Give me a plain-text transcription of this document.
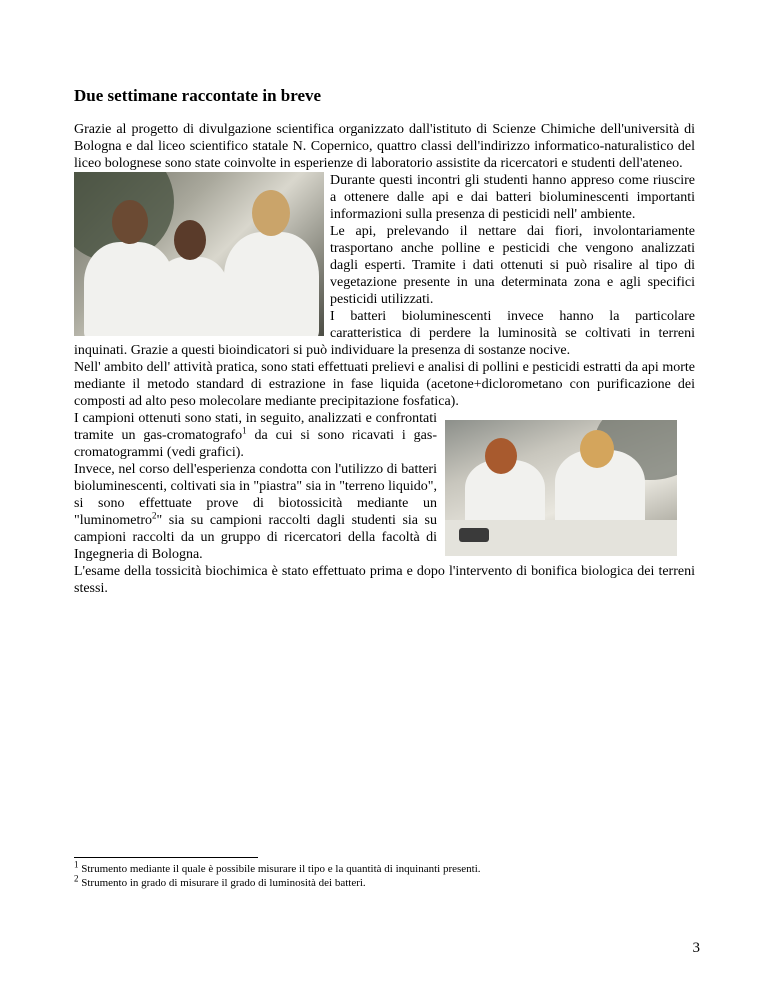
Due settimane raccontate in breve

Grazie al progetto di divulgazione scientifica organizzato dall'istituto di Scienze Chimiche dell'università di Bologna e dal liceo scientifico statale N. Copernico, quattro classi dell'indirizzo informatico-naturalistico del liceo bolognese sono state coinvolte in esperienze di laboratorio assistite da ricercatori e studenti dell'ateneo.

Durante questi incontri gli studenti hanno appreso come riuscire a ottenere dalle api e dai batteri bioluminescenti importanti informazioni sulla presenza di pesticidi nell' ambiente.

Le api, prelevando il nettare dai fiori, involontariamente trasportano anche polline e pesticidi che vengono analizzati dagli esperti. Tramite i dati ottenuti si può risalire al tipo di vegetazione presente in una determinata zona e agli specifici pesticidi utilizzati.

I batteri bioluminescenti invece hanno la particolare caratteristica di perdere la luminosità se coltivati in terreni inquinati. Grazie a questi bioindicatori si può individuare la presenza di sostanze nocive.

Nell' ambito dell' attività pratica, sono stati effettuati prelievi e analisi di pollini e pesticidi estratti da api morte mediante il metodo standard di estrazione in fase liquida (acetone+diclorometano con purificazione dei composti ad alto peso molecolare mediante precipitazione fosfatica).

I campioni ottenuti sono stati, in seguito, analizzati e confrontati tramite un gas-cromatografo$^1$ da cui si sono ricavati i gas-cromatogrammi (vedi grafici).

Invece, nel corso dell'esperienza condotta con l'utilizzo di batteri bioluminescenti, coltivati sia in "piastra" sia in "terreno liquido", si sono effettuate prove di biotossicità mediante un "luminometro$^2$" sia su campioni raccolti dagli studenti sia su campioni raccolti da un gruppo di ricercatori della facoltà di Ingegneria di Bologna.

L'esame della tossicità biochimica è stato effettuato prima e dopo l'intervento di bonifica biologica dei terreni stessi.

$^1$ Strumento mediante il quale è possibile misurare il tipo e la quantità di inquinanti presenti.
$^2$ Strumento in grado di misurare il grado di luminosità dei batteri.
3
